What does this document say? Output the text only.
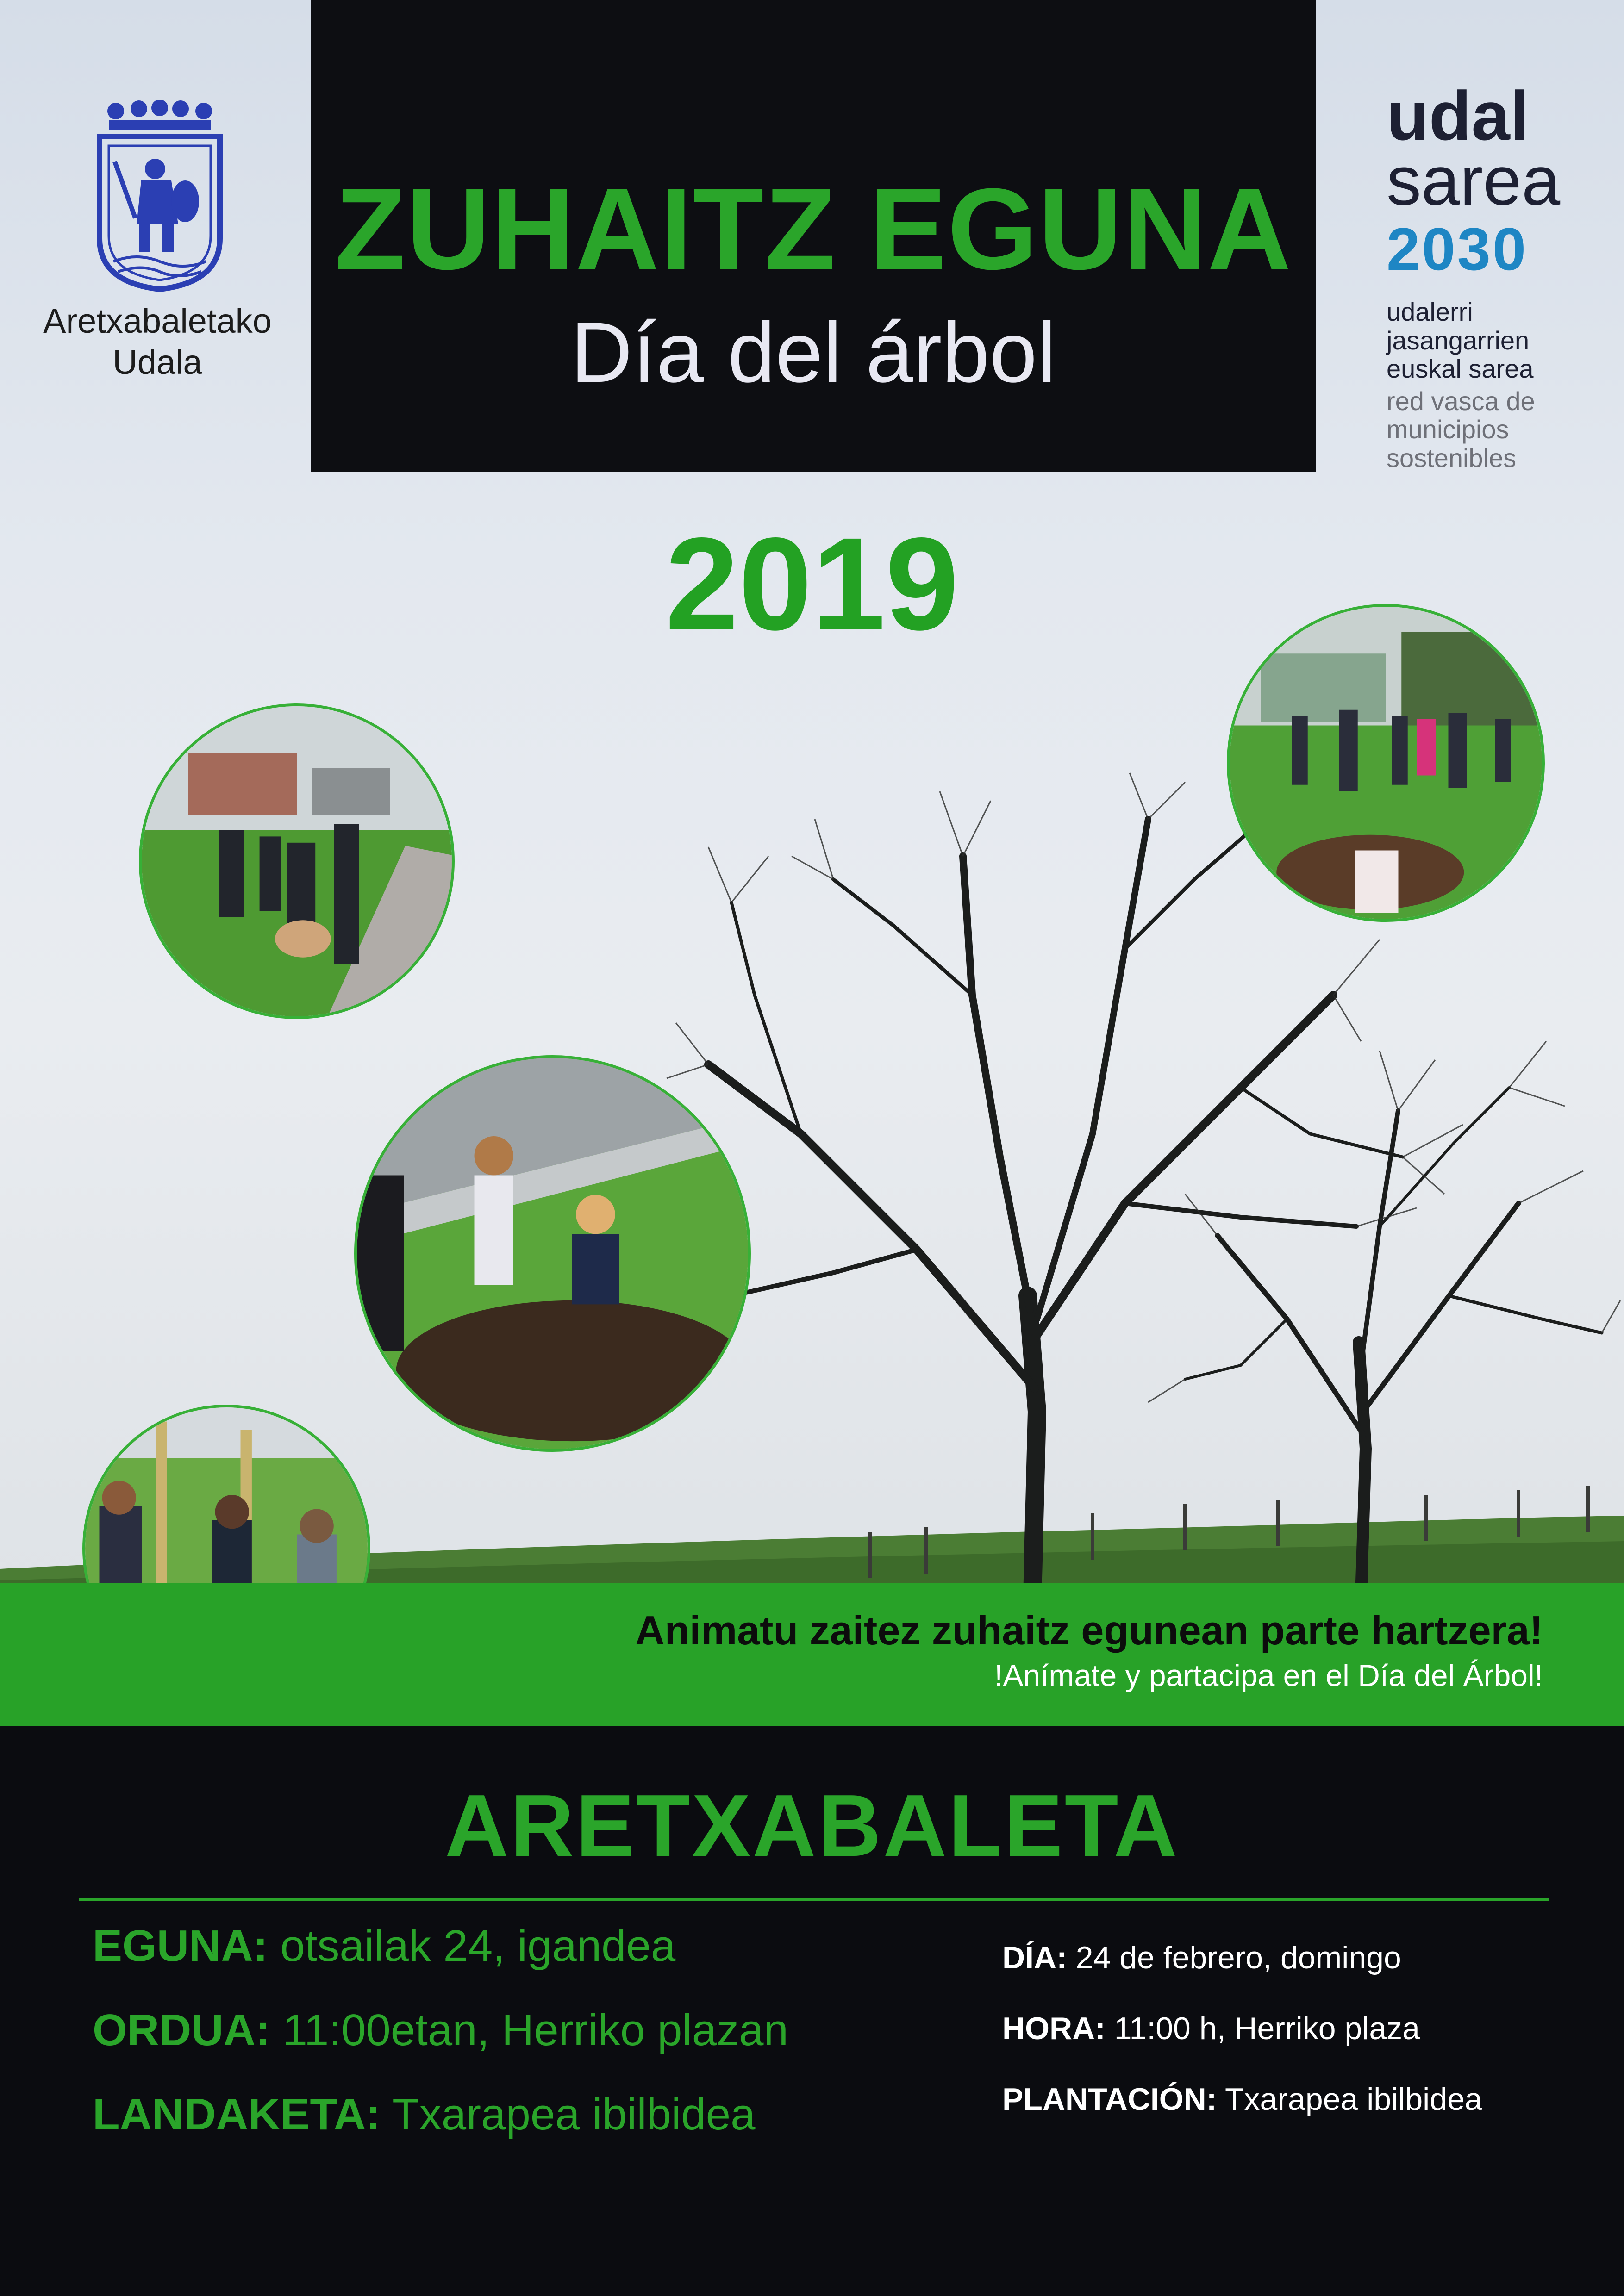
ZUHAITZ EGUNA
Día del árbol
Aretxabaletako
Udala
udal
sarea
2030
udalerri
jasangarrien
euskal sarea
red vasca de
municipios
sostenibles
2019
Animatu zaitez zuhaitz egunean parte hartzera!
!Anímate y partacipa en el Día del Árbol!
ARETXABALETA
EGUNA: otsailak 24, igandea
ORDUA: 11:00etan, Herriko plazan
LANDAKETA: Txarapea ibilbidea
DÍA: 24 de febrero, domingo
HORA: 11:00 h, Herriko plaza
PLANTACIÓN: Txarapea ibilbidea
